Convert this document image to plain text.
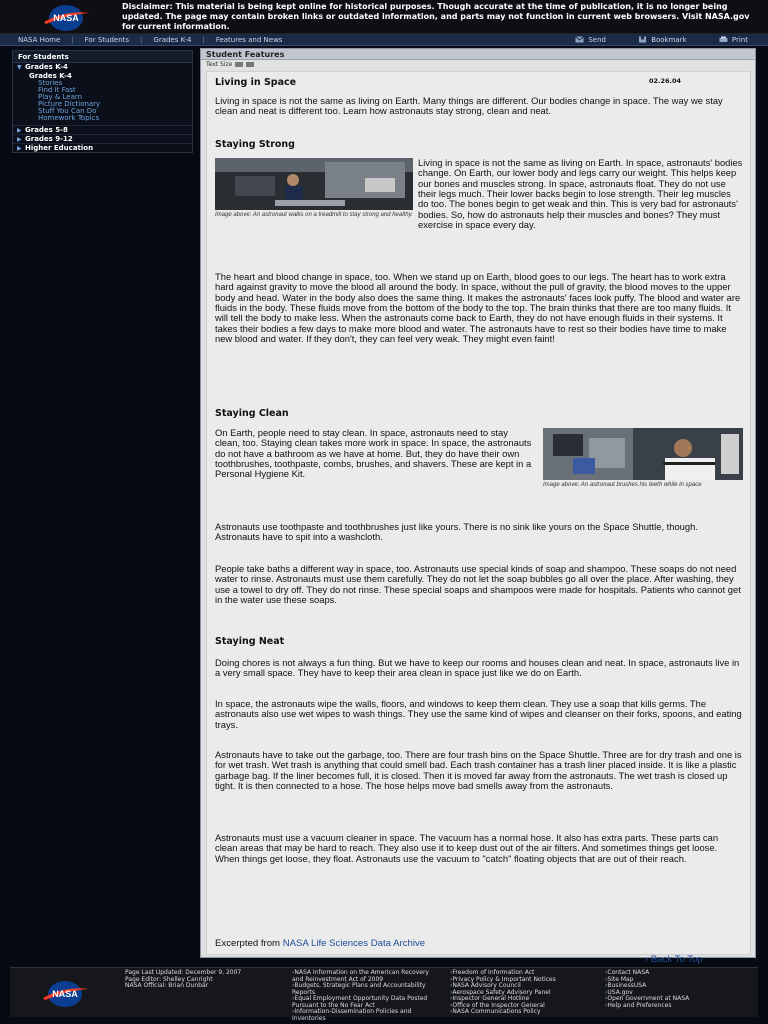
NASA
Disclaimer: This material is being kept online for historical purposes. Though accurate at the time of publication, it is no longer being updated. The page may contain broken links or outdated information, and parts may not function in current web browsers. Visit NASA.gov for current information.
NASA Home | For Students | Grades K-4 | Features and News	Send	Bookmark	Print
For Students
▼ Grades K-4
Grades K-4
Stories
Find It Fast
Play & Learn
Picture Dictionary
Stuff You Can Do
Homework Topics
▶ Grades 5-8
▶ Grades 9-12
▶ Higher Education
Student Features
Text Size
Living in Space	02.26.04
Living in space is not the same as living on Earth. Many things are different. Our bodies change in space. The way we stay clean and neat is different too. Learn how astronauts stay strong, clean and neat.
Staying Strong
Image above: An astronaut walks on a treadmill to stay strong and healthy.
Living in space is not the same as living on Earth. In space, astronauts' bodies change. On Earth, our lower body and legs carry our weight. This helps keep our bones and muscles strong. In space, astronauts float. They do not use their legs much. Their lower backs begin to lose strength. Their leg muscles do too. The bones begin to get weak and thin. This is very bad for astronauts' bodies. So, how do astronauts help their muscles and bones? They must exercise in space every day.
The heart and blood change in space, too. When we stand up on Earth, blood goes to our legs. The heart has to work extra hard against gravity to move the blood all around the body. In space, without the pull of gravity, the blood moves to the upper body and head. Water in the body also does the same thing. It makes the astronauts' faces look puffy. The blood and water are fluids in the body. These fluids move from the bottom of the body to the top. The brain thinks that there are too many fluids. It will tell the body to make less. When the astronauts come back to Earth, they do not have enough fluids in their systems. It takes their bodies a few days to make more blood and water. The astronauts have to rest so their bodies have time to make new blood and water. If they don't, they can feel very weak. They might even faint!
Staying Clean
Image above: An astronaut brushes his teeth while in space
On Earth, people need to stay clean. In space, astronauts need to stay clean, too. Staying clean takes more work in space. In space, the astronauts do not have a bathroom as we have at home. But, they do have their own toothbrushes, toothpaste, combs, brushes, and shavers. These are kept in a Personal Hygiene Kit.
Astronauts use toothpaste and toothbrushes just like yours. There is no sink like yours on the Space Shuttle, though. Astronauts have to spit into a washcloth.
People take baths a different way in space, too. Astronauts use special kinds of soap and shampoo. These soaps do not need water to rinse. Astronauts must use them carefully. They do not let the soap bubbles go all over the place. After washing, they use a towel to dry off. They do not rinse. These special soaps and shampoos were made for hospitals. Patients who cannot get in the water use these soaps.
Staying Neat
Doing chores is not always a fun thing. But we have to keep our rooms and houses clean and neat. In space, astronauts live in a very small space. They have to keep their area clean in space just like we do on Earth.
In space, the astronauts wipe the walls, floors, and windows to keep them clean. They use a soap that kills germs. The astronauts also use wet wipes to wash things. They use the same kind of wipes and cleanser on their forks, spoons, and eating trays.
Astronauts have to take out the garbage, too. There are four trash bins on the Space Shuttle. Three are for dry trash and one is for wet trash. Wet trash is anything that could smell bad. Each trash container has a trash liner placed inside. It is like a plastic garbage bag. If the liner becomes full, it is closed. Then it is moved far away from the astronauts. The wet trash is closed up tight. It is then connected to a hose. The hose helps move bad smells away from the astronauts.
Astronauts must use a vacuum cleaner in space. The vacuum has a normal hose. It also has extra parts. These parts can clean areas that may be hard to reach. They also use it to keep dust out of the air filters. And sometimes things get loose. When things get loose, they float. Astronauts use the vacuum to "catch" floating objects that are out of their reach.
Excerpted from NASA Life Sciences Data Archive
› Back To Top
NASA
Page Last Updated: December 9, 2007
Page Editor: Shelley Canright
NASA Official: Brian Dunbar
› NASA Information on the American Recovery and Reinvestment Act of 2009
› Budgets, Strategic Plans and Accountability Reports
› Equal Employment Opportunity Data Posted Pursuant to the No Fear Act
› Information-Dissemination Policies and Inventories
› Freedom of Information Act
› Privacy Policy & Important Notices
› NASA Advisory Council
› Aerospace Safety Advisory Panel
› Inspector General Hotline
› Office of the Inspector General
› NASA Communications Policy
› Contact NASA
› Site Map
› BusinessUSA
› USA.gov
› Open Government at NASA
› Help and Preferences
